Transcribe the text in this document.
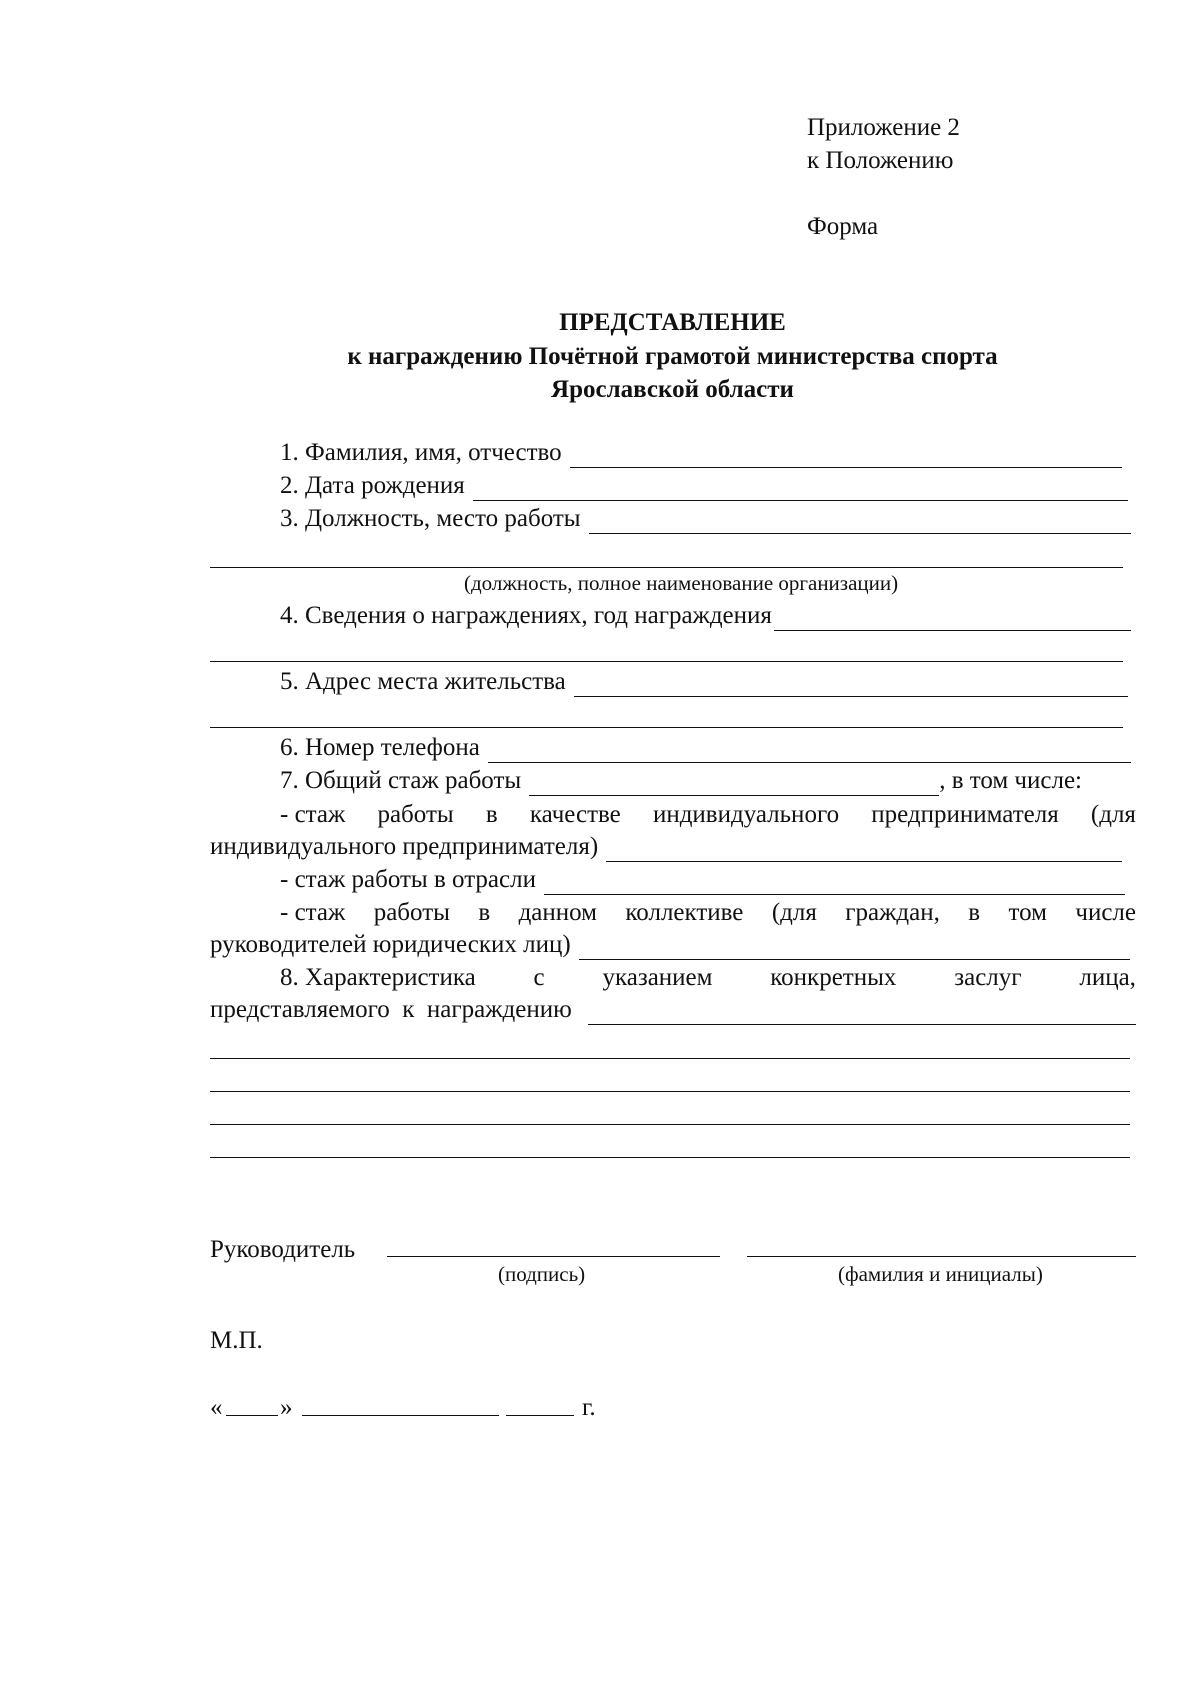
Приложение 2
к Положению
Форма
ПРЕДСТАВЛЕНИЕ
к награждению Почётной грамотой министерства спорта
Ярославской области
1. Фамилия, имя, отчество
2. Дата рождения
3. Должность, место работы
(должность, полное наименование организации)
4. Сведения о награждениях, год награждения
5. Адрес места жительства
6. Номер телефона
7. Общий стаж работы	, в том числе:
- стаж работы в качестве индивидуального предпринимателя (для
индивидуального предпринимателя)
- стаж работы в отрасли
- стаж работы в данном коллективе (для граждан, в том числе
руководителей юридических лиц)
8. Характеристика с указанием конкретных заслуг лица,
представляемого  к  награждению
Руководитель
(подпись)	(фамилия и инициалы)
М.П.
« »	г.
